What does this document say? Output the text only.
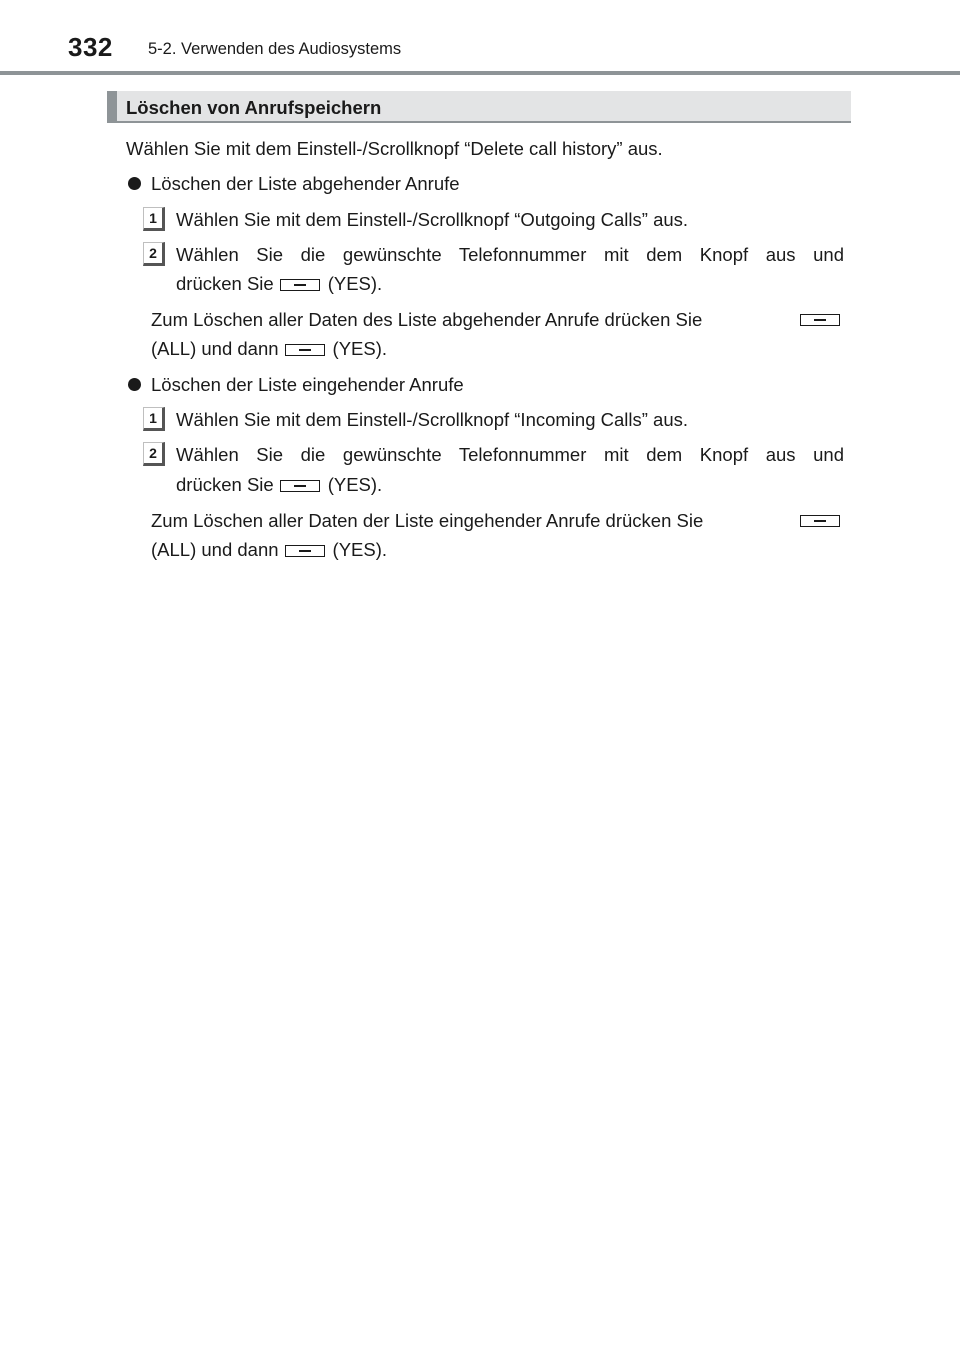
332 5-2. Verwenden des Audiosystems
Löschen von Anrufspeichern
Wählen Sie mit dem Einstell-/Scrollknopf “Delete call history” aus.
Löschen der Liste abgehender Anrufe
1	Wählen Sie mit dem Einstell-/Scrollknopf “Outgoing Calls” aus.
2	Wählen Sie die gewünschte Telefonnummer mit dem Knopf aus und
drücken Sie	(YES).
Zum Löschen aller Daten des Liste abgehender Anrufe drücken Sie
(ALL) und dann	(YES).
Löschen der Liste eingehender Anrufe
1	Wählen Sie mit dem Einstell-/Scrollknopf “Incoming Calls” aus.
2	Wählen Sie die gewünschte Telefonnummer mit dem Knopf aus und
drücken Sie	(YES).
Zum Löschen aller Daten der Liste eingehender Anrufe drücken Sie
(ALL) und dann	(YES).
